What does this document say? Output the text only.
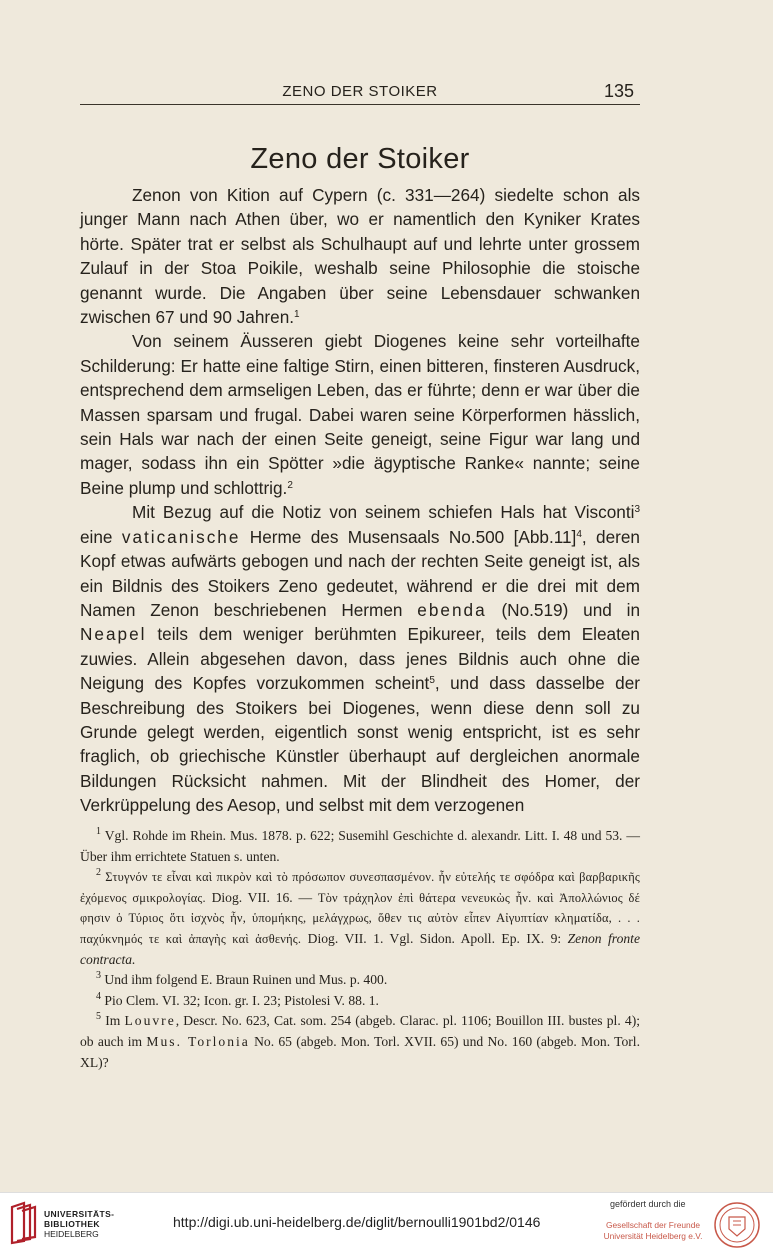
ZENO DER STOIKER	135
Zeno der Stoiker

Zenon von Kition auf Cypern (c. 331—264) siedelte schon als junger Mann nach Athen über, wo er namentlich den Kyniker Krates hörte. Später trat er selbst als Schulhaupt auf und lehrte unter grossem Zulauf in der Stoa Poikile, weshalb seine Philosophie die stoische genannt wurde. Die Angaben über seine Lebensdauer schwanken zwischen 67 und 90 Jahren.$^1$

Von seinem Äusseren giebt Diogenes keine sehr vorteilhafte Schilderung: Er hatte eine faltige Stirn, einen bitteren, finsteren Ausdruck, entsprechend dem armseligen Leben, das er führte; denn er war über die Massen sparsam und frugal. Dabei waren seine Körperformen hässlich, sein Hals war nach der einen Seite geneigt, seine Figur war lang und mager, sodass ihn ein Spötter »die ägyptische Ranke« nannte; seine Beine plump und schlottrig.$^2$

Mit Bezug auf die Notiz von seinem schiefen Hals hat Visconti$^3$ eine vaticanische Herme des Musensaals No.500 $[Abb.11]^4$, deren Kopf etwas aufwärts gebogen und nach der rechten Seite geneigt ist, als ein Bildnis des Stoikers Zeno gedeutet, während er die drei mit dem Namen Zenon beschriebenen Hermen ebenda (No.519) und in Neapel teils dem weniger berühmten Epikureer, teils dem Eleaten zuwies. Allein abgesehen davon, dass jenes Bildnis auch ohne die Neigung des Kopfes vorzukommen scheint$^5$, und dass dasselbe der Beschreibung des Stoikers bei Diogenes, wenn diese denn soll zu Grunde gelegt werden, eigentlich sonst wenig entspricht, ist es sehr fraglich, ob griechische Künstler überhaupt auf dergleichen anormale Bildungen Rücksicht nahmen. Mit der Blindheit des Homer, der Verkrüppelung des Aesop, und selbst mit dem verzogenen

$^1$ Vgl. Rohde im Rhein. Mus. 1878. p. 622; Susemihl Geschichte d. alexandr. Litt. I. 48 und 53. — Über ihm errichtete Statuen s. unten.

$^2$ Στυγνόν τε εἶναι καὶ πικρὸν καὶ τὸ πρόσωπον συνεσπασμένον. ἦν εὐτελής τε σφόδρα καὶ βαρβαρικῆς ἐχόμενος σμικρολογίας. Diog. VII. 16. — Τὸν τράχηλον ἐπὶ θάτερα νενευκὼς ἦν. καὶ Ἀπολλώνιος δέ φησιν ὁ Τύριος ὅτι ἰσχνὸς ἦν, ὑπομήκης, μελάγχρως, ὅθεν τις αὐτὸν εἶπεν Αἰγυπτίαν κληματίδα, . . . παχύκνημός τε καὶ ἀπαγὴς καὶ ἀσθενής. Diog. VII. 1. Vgl. Sidon. Apoll. Ep. IX. 9: Zenon fronte contracta.

$^3$ Und ihm folgend E. Braun Ruinen und Mus. p. 400.

$^4$ Pio Clem. VI. 32; Icon. gr. I. 23; Pistolesi V. 88. 1.

$^5$ Im Louvre, Descr. No. 623, Cat. som. 254 (abgeb. Clarac. pl. 1106; Bouillon III. bustes pl. 4); ob auch im Mus. Torlonia No. 65 (abgeb. Mon. Torl. XVII. 65) und No. 160 (abgeb. Mon. Torl. XL)?

UNIVERSITÄTS-
BIBLIOTHEK
HEIDELBERG
http://digi.ub.uni-heidelberg.de/diglit/bernoulli1901bd2/0146
gefördert durch die
Gesellschaft der Freunde
Universität Heidelberg e.V.
